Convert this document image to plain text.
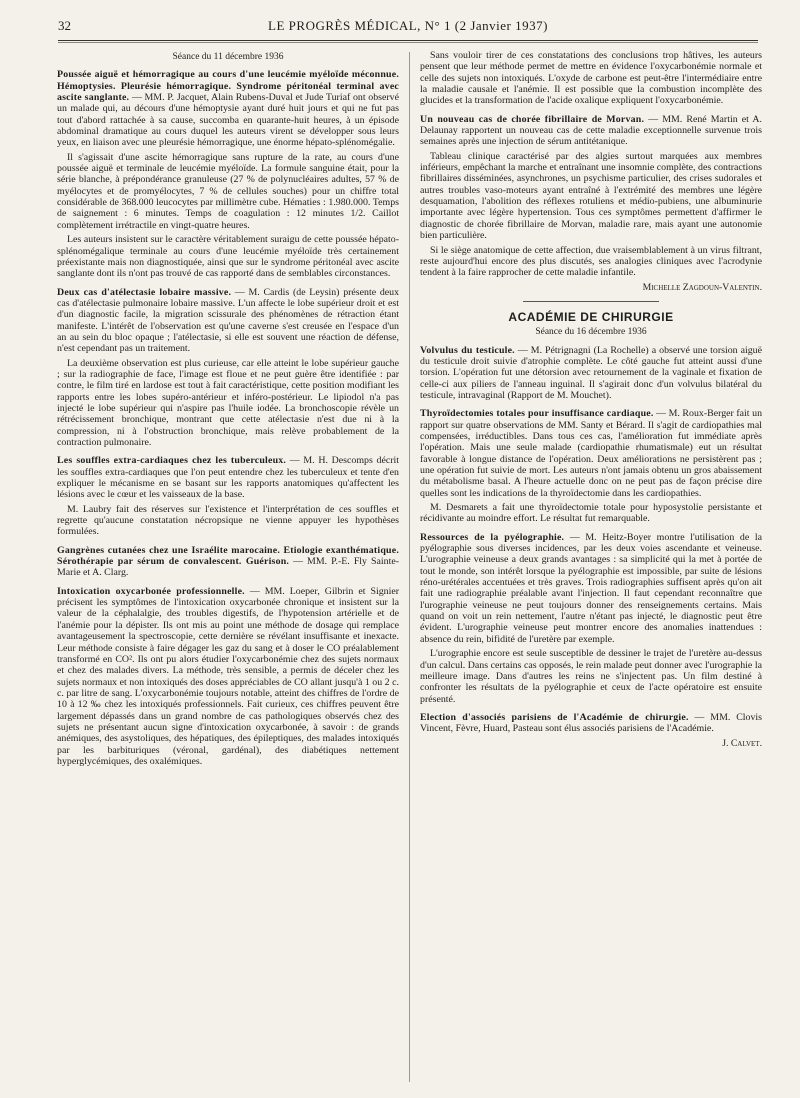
32	LE PROGRÈS MÉDICAL, N° 1 (2 Janvier 1937)

Séance du 11 décembre 1936

Poussée aiguë et hémorragique au cours d'une leucémie myéloïde méconnue. Hémoptysies. Pleurésie hémorragique. Syndrome péritonéal terminal avec ascite sanglante. — MM. P. Jacquet, Alain Rubens-Duval et Jude Turiaf ont observé un malade qui, au décours d'une hémoptysie ayant duré huit jours et qui ne fut pas tout d'abord rattachée à sa cause, succomba en quarante-huit heures, à un épisode abdominal dramatique au cours duquel les auteurs virent se développer sous leurs yeux, en liaison avec une pleurésie hémorragique, une énorme hépato-splénomégalie.

Il s'agissait d'une ascite hémorragique sans rupture de la rate, au cours d'une poussée aiguë et terminale de leucémie myéloïde. La formule sanguine était, pour la série blanche, à prépondérance granuleuse (27 % de polynucléaires adultes, 57 % de myélocytes et de promyélocytes, 7 % de cellules souches) pour un chiffre total considérable de 368.000 leucocytes par millimètre cube. Hématies : 1.980.000. Temps de saignement : 6 minutes. Temps de coagulation : 12 minutes 1/2. Caillot complètement irrétractile en vingt-quatre heures.

Les auteurs insistent sur le caractère véritablement suraigu de cette poussée hépato-splénomégalique terminale au cours d'une leucémie myéloïde très certainement préexistante mais non diagnostiquée, ainsi que sur le syndrome péritonéal avec ascite sanglante dont ils n'ont pas trouvé de cas rapporté dans de semblables circonstances.

Deux cas d'atélectasie lobaire massive. — M. Cardis (de Leysin) présente deux cas d'atélectasie pulmonaire lobaire massive. L'un affecte le lobe supérieur droit et est d'un diagnostic facile, la migration scissurale des phénomènes de rétraction étant manifeste. L'intérêt de l'observation est qu'une caverne s'est creusée en l'espace d'un an au sein du bloc opaque ; l'atélectasie, si elle est souvent une réaction de défense, n'est cependant pas un traitement.

La deuxième observation est plus curieuse, car elle atteint le lobe supérieur gauche ; sur la radiographie de face, l'image est floue et ne peut guère être identifiée : par contre, le film tiré en lardose est tout à fait caractéristique, cette position modifiant les rapports entre les lobes supéro-antérieur et inféro-postérieur. Le lipiodol n'a pas injecté le lobe supérieur qui n'aspire pas l'huile iodée. La bronchoscopie révèle un rétrécissement bronchique, montrant que cette atélectasie n'est due ni à la compression, ni à l'obstruction bronchique, mais relève probablement de la contraction pulmonaire.

Les souffles extra-cardiaques chez les tuberculeux. — M. H. Descomps décrit les souffles extra-cardiaques que l'on peut entendre chez les tuberculeux et tente d'en expliquer le mécanisme en se basant sur les rapports anatomiques qu'affectent les lésions avec le cœur et les vaisseaux de la base.

M. Laubry fait des réserves sur l'existence et l'interprétation de ces souffles et regrette qu'aucune constatation nécropsique ne vienne appuyer les hypothèses formulées.

Gangrènes cutanées chez une Israélite marocaine. Etiologie exanthématique. Sérothérapie par sérum de convalescent. Guérison. — MM. P.-E. Fly Sainte-Marie et A. Clarg.

Intoxication oxycarbonée professionnelle. — MM. Loeper, Gilbrin et Signier précisent les symptômes de l'intoxication oxycarbonée chronique et insistent sur la valeur de la céphalalgie, des troubles digestifs, de l'hypotension artérielle et de l'anémie pour la dépister. Ils ont mis au point une méthode de dosage qui remplace avantageusement la spectroscopie, cette dernière se révélant insuffisante et inexacte. Leur méthode consiste à faire dégager les gaz du sang et à doser le CO préalablement transformé en CO². Ils ont pu alors étudier l'oxycarbonémie chez des sujets normaux et chez des malades divers. La méthode, très sensible, a permis de déceler chez les sujets normaux et non intoxiqués des doses appréciables de CO allant jusqu'à 1 ou 2 c. c. par litre de sang. L'oxycarbonémie toujours notable, atteint des chiffres de l'ordre de 10 à 12 ‰ chez les intoxiqués professionnels. Fait curieux, ces chiffres peuvent être largement dépassés dans un grand nombre de cas pathologiques observés chez des sujets ne présentant aucun signe d'intoxication oxycarbonée, à savoir : de grands anémiques, des asystoliques, des hépatiques, des épileptiques, des malades intoxiqués par les barbituriques (véronal, gardénal), des diabétiques nettement hyperglycémiques, des oxalémiques.

Sans vouloir tirer de ces constatations des conclusions trop hâtives, les auteurs pensent que leur méthode permet de mettre en évidence l'oxycarbonémie normale et celle des sujets non intoxiqués. L'oxyde de carbone est peut-être l'intermédiaire entre la maladie causale et l'anémie. Il est possible que la combustion incomplète des glucides et la transformation de l'acide oxalique expliquent l'oxycarbonémie.

Un nouveau cas de chorée fibrillaire de Morvan. — MM. René Martin et A. Delaunay rapportent un nouveau cas de cette maladie exceptionnelle survenue trois semaines après une injection de sérum antitétanique.

Tableau clinique caractérisé par des algies surtout marquées aux membres inférieurs, empêchant la marche et entraînant une insomnie complète, des contractions fibrillaires disséminées, asynchrones, un psychisme particulier, des crises sudorales et autres troubles vaso-moteurs ayant entraîné à l'extrémité des membres une légère desquamation, l'abolition des réflexes rotuliens et médio-pubiens, une albuminurie importante avec légère hypertension. Tous ces symptômes permettent d'affirmer le diagnostic de chorée fibrillaire de Morvan, maladie rare, mais ayant une autonomie bien particulière.

Si le siège anatomique de cette affection, due vraisemblablement à un virus filtrant, reste aujourd'hui encore des plus discutés, ses analogies cliniques avec l'acrodynie tendent à la faire rapprocher de cette maladie infantile.

Michelle Zagdoun-Valentin.

ACADÉMIE DE CHIRURGIE

Séance du 16 décembre 1936

Volvulus du testicule. — M. Pétrignagni (La Rochelle) a observé une torsion aiguë du testicule droit suivie d'atrophie complète. Le côté gauche fut atteint aussi d'une torsion. L'opération fut une détorsion avec retournement de la vaginale et fixation de celle-ci aux piliers de l'anneau inguinal. Il s'agirait donc d'un volvulus bilatéral du testicule, intravaginal (Rapport de M. Mouchet).

Thyroïdectomies totales pour insuffisance cardiaque. — M. Roux-Berger fait un rapport sur quatre observations de MM. Santy et Bérard. Il s'agit de cardiopathies mal compensées, irréductibles. Dans tous ces cas, l'amélioration fut immédiate après l'opération. Mais une seule malade (cardiopathie rhumatismale) eut un résultat favorable à longue distance de l'opération. Deux améliorations ne persistèrent pas ; une opération fut suivie de mort. Les auteurs n'ont jamais obtenu un gros abaissement du métabolisme basal. A l'heure actuelle donc on ne peut pas de façon précise dire quelles sont les indications de la thyroïdectomie dans les cardiopathies.

M. Desmarets a fait une thyroïdectomie totale pour hyposystolie persistante et récidivante au moindre effort. Le résultat fut remarquable.

Ressources de la pyélographie. — M. Heitz-Boyer montre l'utilisation de la pyélographie sous diverses incidences, par les deux voies ascendante et veineuse. L'urographie veineuse a deux grands avantages : sa simplicité qui la met à portée de tout le monde, son intérêt lorsque la pyélographie est impossible, par suite de lésions réno-urétérales accentuées et très graves. Trois radiographies suffisent après qu'on ait fait une radiographie préalable avant l'injection. Il faut cependant reconnaître que l'urographie veineuse ne peut toujours donner des renseignements certains. Mais quand on voit un rein nettement, l'autre n'étant pas injecté, le diagnostic peut être évident. L'urographie veineuse peut montrer encore des anomalies inattendues : absence du rein, bifidité de l'uretère par exemple.

L'urographie encore est seule susceptible de dessiner le trajet de l'uretère au-dessus d'un calcul. Dans certains cas opposés, le rein malade peut donner avec l'urographie la meilleure image. Dans d'autres les reins ne s'injectent pas. Un film destiné à confronter les résultats de la pyélographie et ceux de l'acte opératoire est ensuite présenté.

Election d'associés parisiens de l'Académie de chirurgie. — MM. Clovis Vincent, Fèvre, Huard, Pasteau sont élus associés parisiens de l'Académie.

J. Calvet.
